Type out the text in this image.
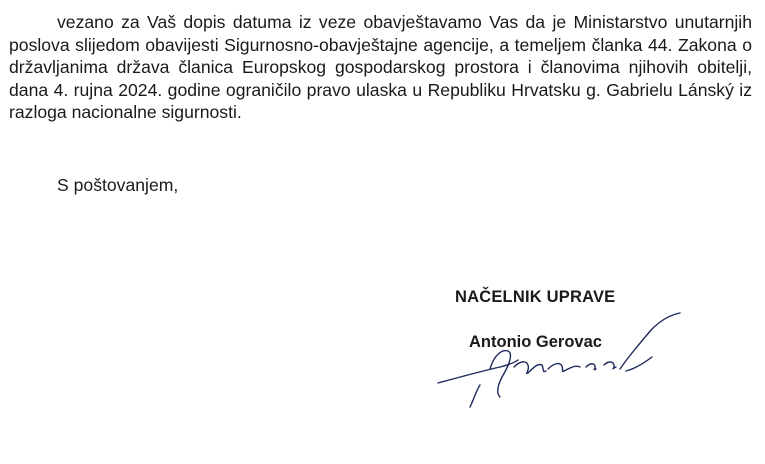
vezano za Vaš dopis datuma iz veze obavještavamo Vas da je Ministarstvo unutarnjih poslova slijedom obavijesti Sigurnosno-obavještajne agencije, a temeljem članka 44. Zakona o državljanima država članica Europskog gospodarskog prostora i članovima njihovih obitelji, dana 4. rujna 2024. godine ograničilo pravo ulaska u Republiku Hrvatsku g. Gabrielu Lánský iz razloga nacionalne sigurnosti.

S poštovanjem,

NAČELNIK UPRAVE

Antonio Gerovac
